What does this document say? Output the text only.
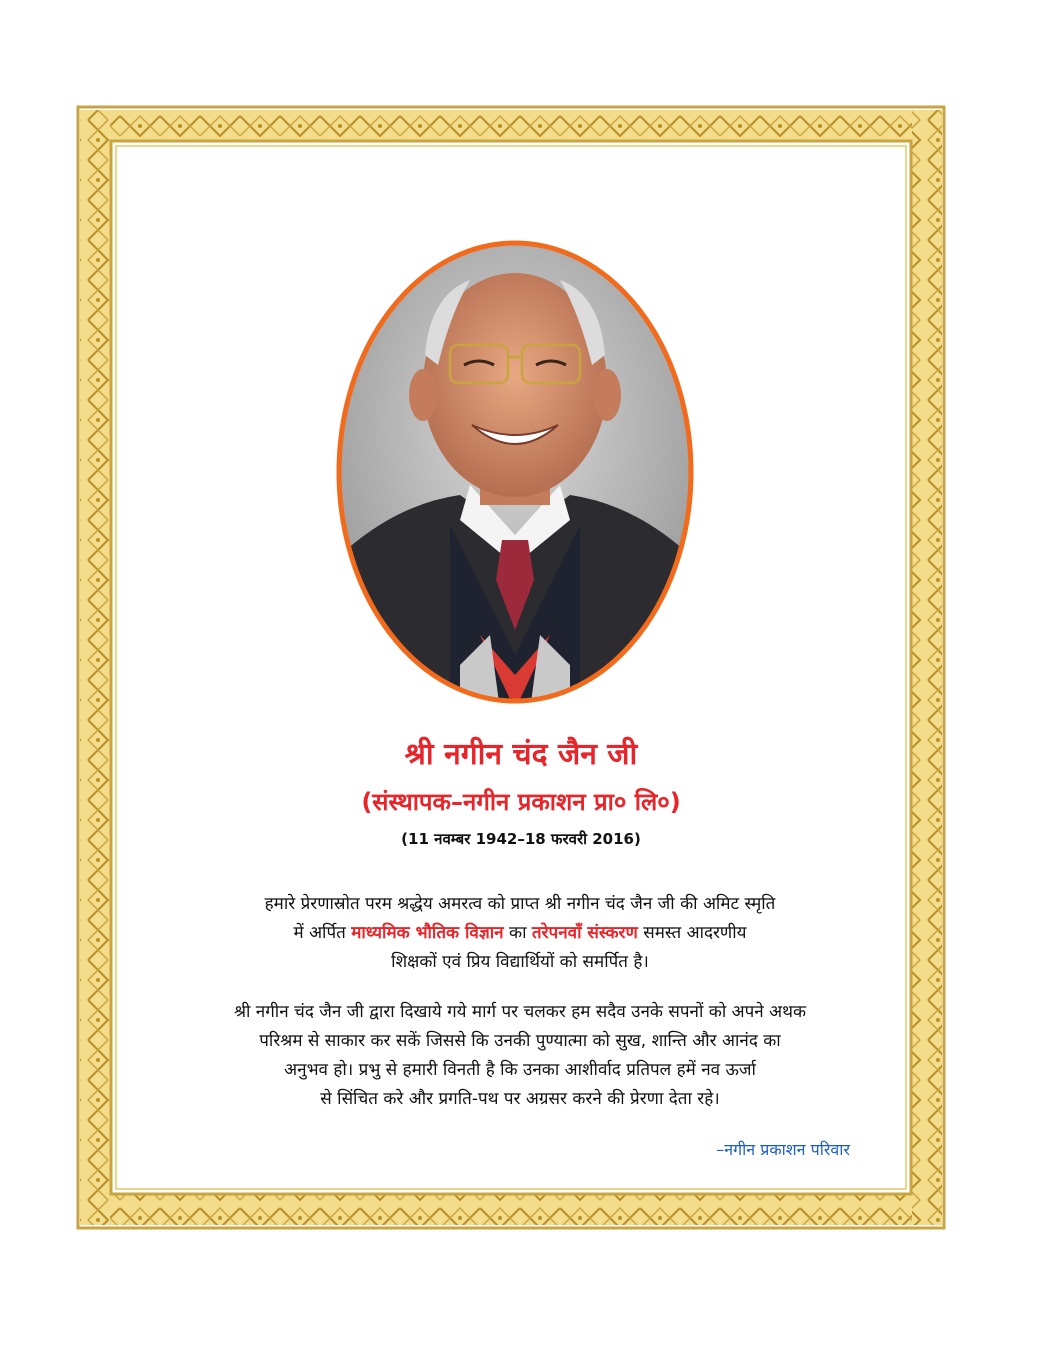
श्री नगीन चंद जैन जी
(संस्थापक–नगीन प्रकाशन प्रा० लि०)
(11 नवम्बर 1942–18 फरवरी 2016)
हमारे प्रेरणास्रोत परम श्रद्धेय अमरत्व को प्राप्त श्री नगीन चंद जैन जी की अमिट स्मृति
में अर्पित माध्यमिक भौतिक विज्ञान का तरेपनवाँ संस्करण समस्त आदरणीय
शिक्षकों एवं प्रिय विद्यार्थियों को समर्पित है।
श्री नगीन चंद जैन जी द्वारा दिखाये गये मार्ग पर चलकर हम सदैव उनके सपनों को अपने अथक
परिश्रम से साकार कर सकें जिससे कि उनकी पुण्यात्मा को सुख, शान्ति और आनंद का
अनुभव हो। प्रभु से हमारी विनती है कि उनका आशीर्वाद प्रतिपल हमें नव ऊर्जा
से सिंचित करे और प्रगति-पथ पर अग्रसर करने की प्रेरणा देता रहे।
–नगीन प्रकाशन परिवार
